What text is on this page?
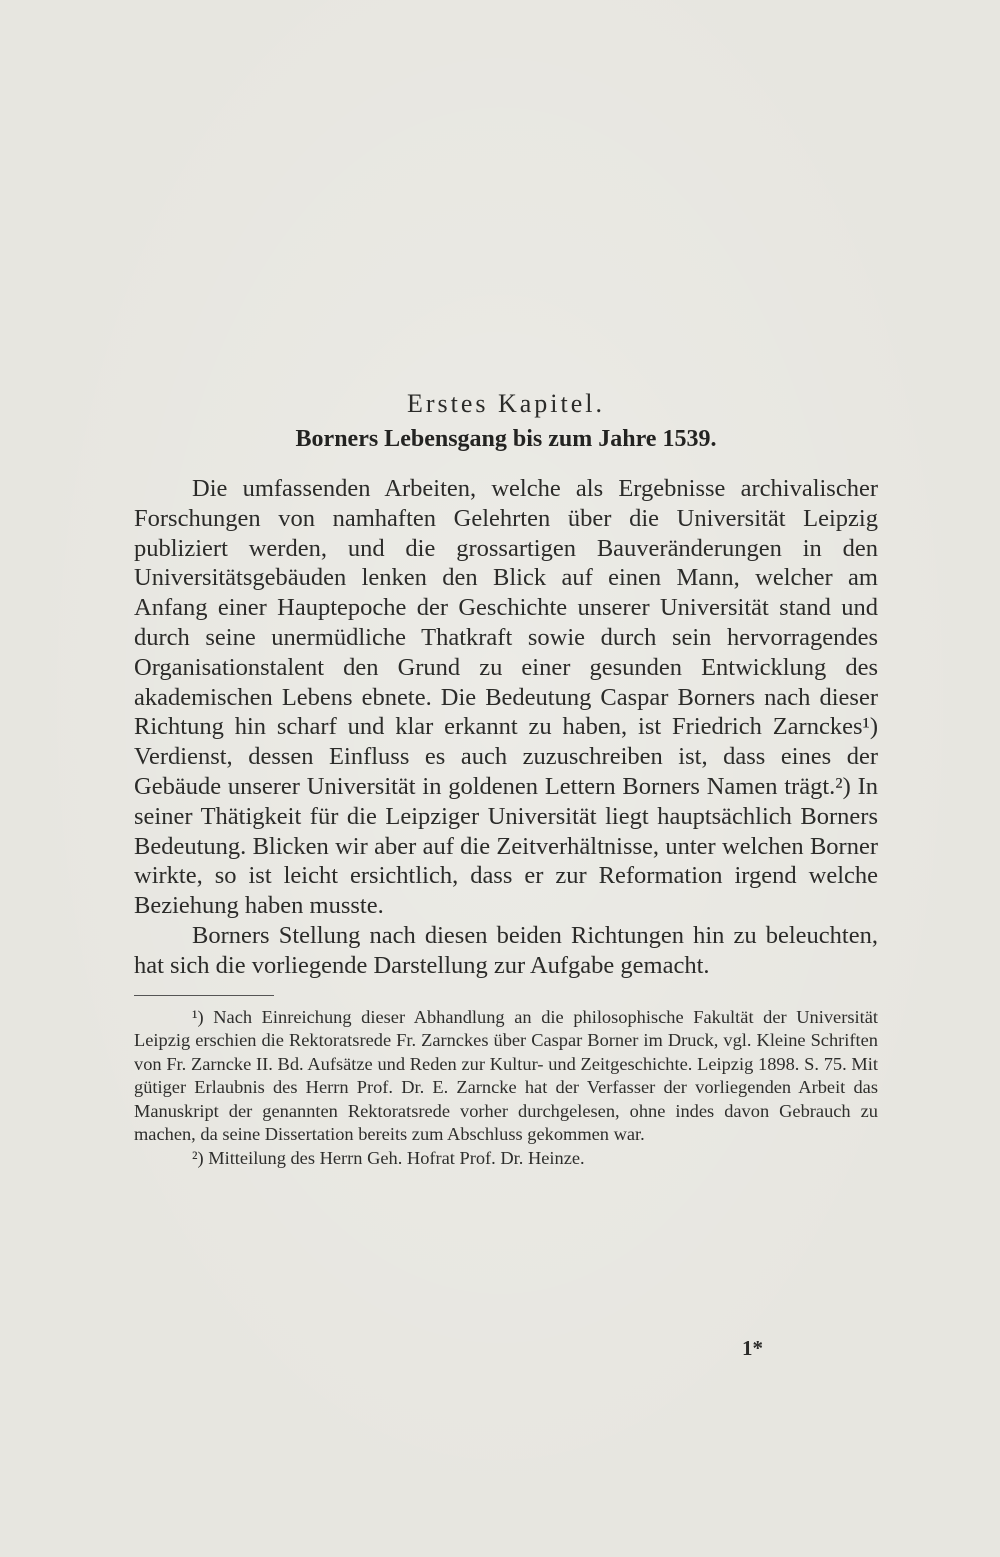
Erstes Kapitel.
Borners Lebensgang bis zum Jahre 1539.

Die umfassenden Arbeiten, welche als Ergebnisse archivalischer Forschungen von namhaften Gelehrten über die Universität Leipzig publiziert werden, und die grossartigen Bauveränderungen in den Universitätsgebäuden lenken den Blick auf einen Mann, welcher am Anfang einer Hauptepoche der Geschichte unserer Universität stand und durch seine unermüdliche Thatkraft sowie durch sein hervorragendes Organisationstalent den Grund zu einer gesunden Entwicklung des akademischen Lebens ebnete. Die Bedeutung Caspar Borners nach dieser Richtung hin scharf und klar erkannt zu haben, ist Friedrich Zarnckes¹) Verdienst, dessen Einfluss es auch zuzuschreiben ist, dass eines der Gebäude unserer Universität in goldenen Lettern Borners Namen trägt.²) In seiner Thätigkeit für die Leipziger Universität liegt hauptsächlich Borners Bedeutung. Blicken wir aber auf die Zeitverhältnisse, unter welchen Borner wirkte, so ist leicht ersichtlich, dass er zur Reformation irgend welche Beziehung haben musste.

Borners Stellung nach diesen beiden Richtungen hin zu beleuchten, hat sich die vorliegende Darstellung zur Aufgabe gemacht.

¹) Nach Einreichung dieser Abhandlung an die philosophische Fakultät der Universität Leipzig erschien die Rektoratsrede Fr. Zarnckes über Caspar Borner im Druck, vgl. Kleine Schriften von Fr. Zarncke II. Bd. Aufsätze und Reden zur Kultur- und Zeitgeschichte. Leipzig 1898. S. 75. Mit gütiger Erlaubnis des Herrn Prof. Dr. E. Zarncke hat der Verfasser der vorliegenden Arbeit das Manuskript der genannten Rektoratsrede vorher durchgelesen, ohne indes davon Gebrauch zu machen, da seine Dissertation bereits zum Abschluss gekommen war.

²) Mitteilung des Herrn Geh. Hofrat Prof. Dr. Heinze.

1*
